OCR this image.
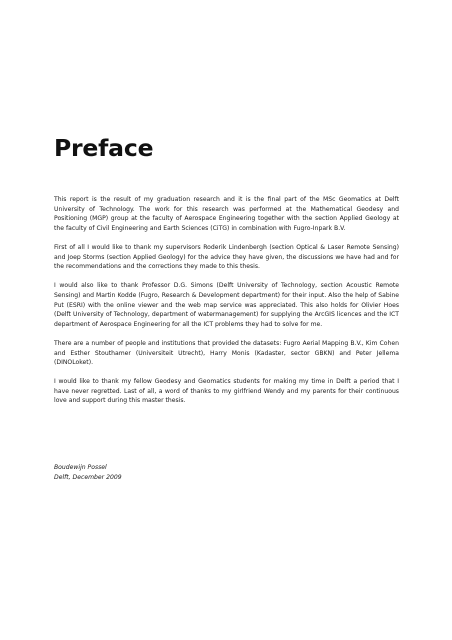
Preface

This report is the result of my graduation research and it is the final part of the MSc Geomatics at Delft University of Technology. The work for this research was performed at the Mathematical Geodesy and Positioning (MGP) group at the faculty of Aerospace Engineering together with the section Applied Geology at the faculty of Civil Engineering and Earth Sciences (CiTG) in combination with Fugro-Inpark B.V.

First of all I would like to thank my supervisors Roderik Lindenbergh (section Optical & Laser Remote Sensing) and Joep Storms (section Applied Geology) for the advice they have given, the discussions we have had and for the recommendations and the corrections they made to this thesis.

I would also like to thank Professor D.G. Simons (Delft University of Technology, section Acoustic Remote Sensing) and Martin Kodde (Fugro, Research & Development department) for their input. Also the help of Sabine Put (ESRI) with the online viewer and the web map service was appreciated. This also holds for Olivier Hoes (Delft University of Technology, department of watermanagement) for supplying the ArcGIS licences and the ICT department of Aerospace Engineering for all the ICT problems they had to solve for me.

There are a number of people and institutions that provided the datasets: Fugro Aerial Mapping B.V., Kim Cohen and Esther Stouthamer (Universiteit Utrecht), Harry Monis (Kadaster, sector GBKN) and Peter Jellema (DINOLoket).

I would like to thank my fellow Geodesy and Geomatics students for making my time in Delft a period that I have never regretted. Last of all, a word of thanks to my girlfriend Wendy and my parents for their continuous love and support during this master thesis.

Boudewijn Possel
Delft, December 2009
